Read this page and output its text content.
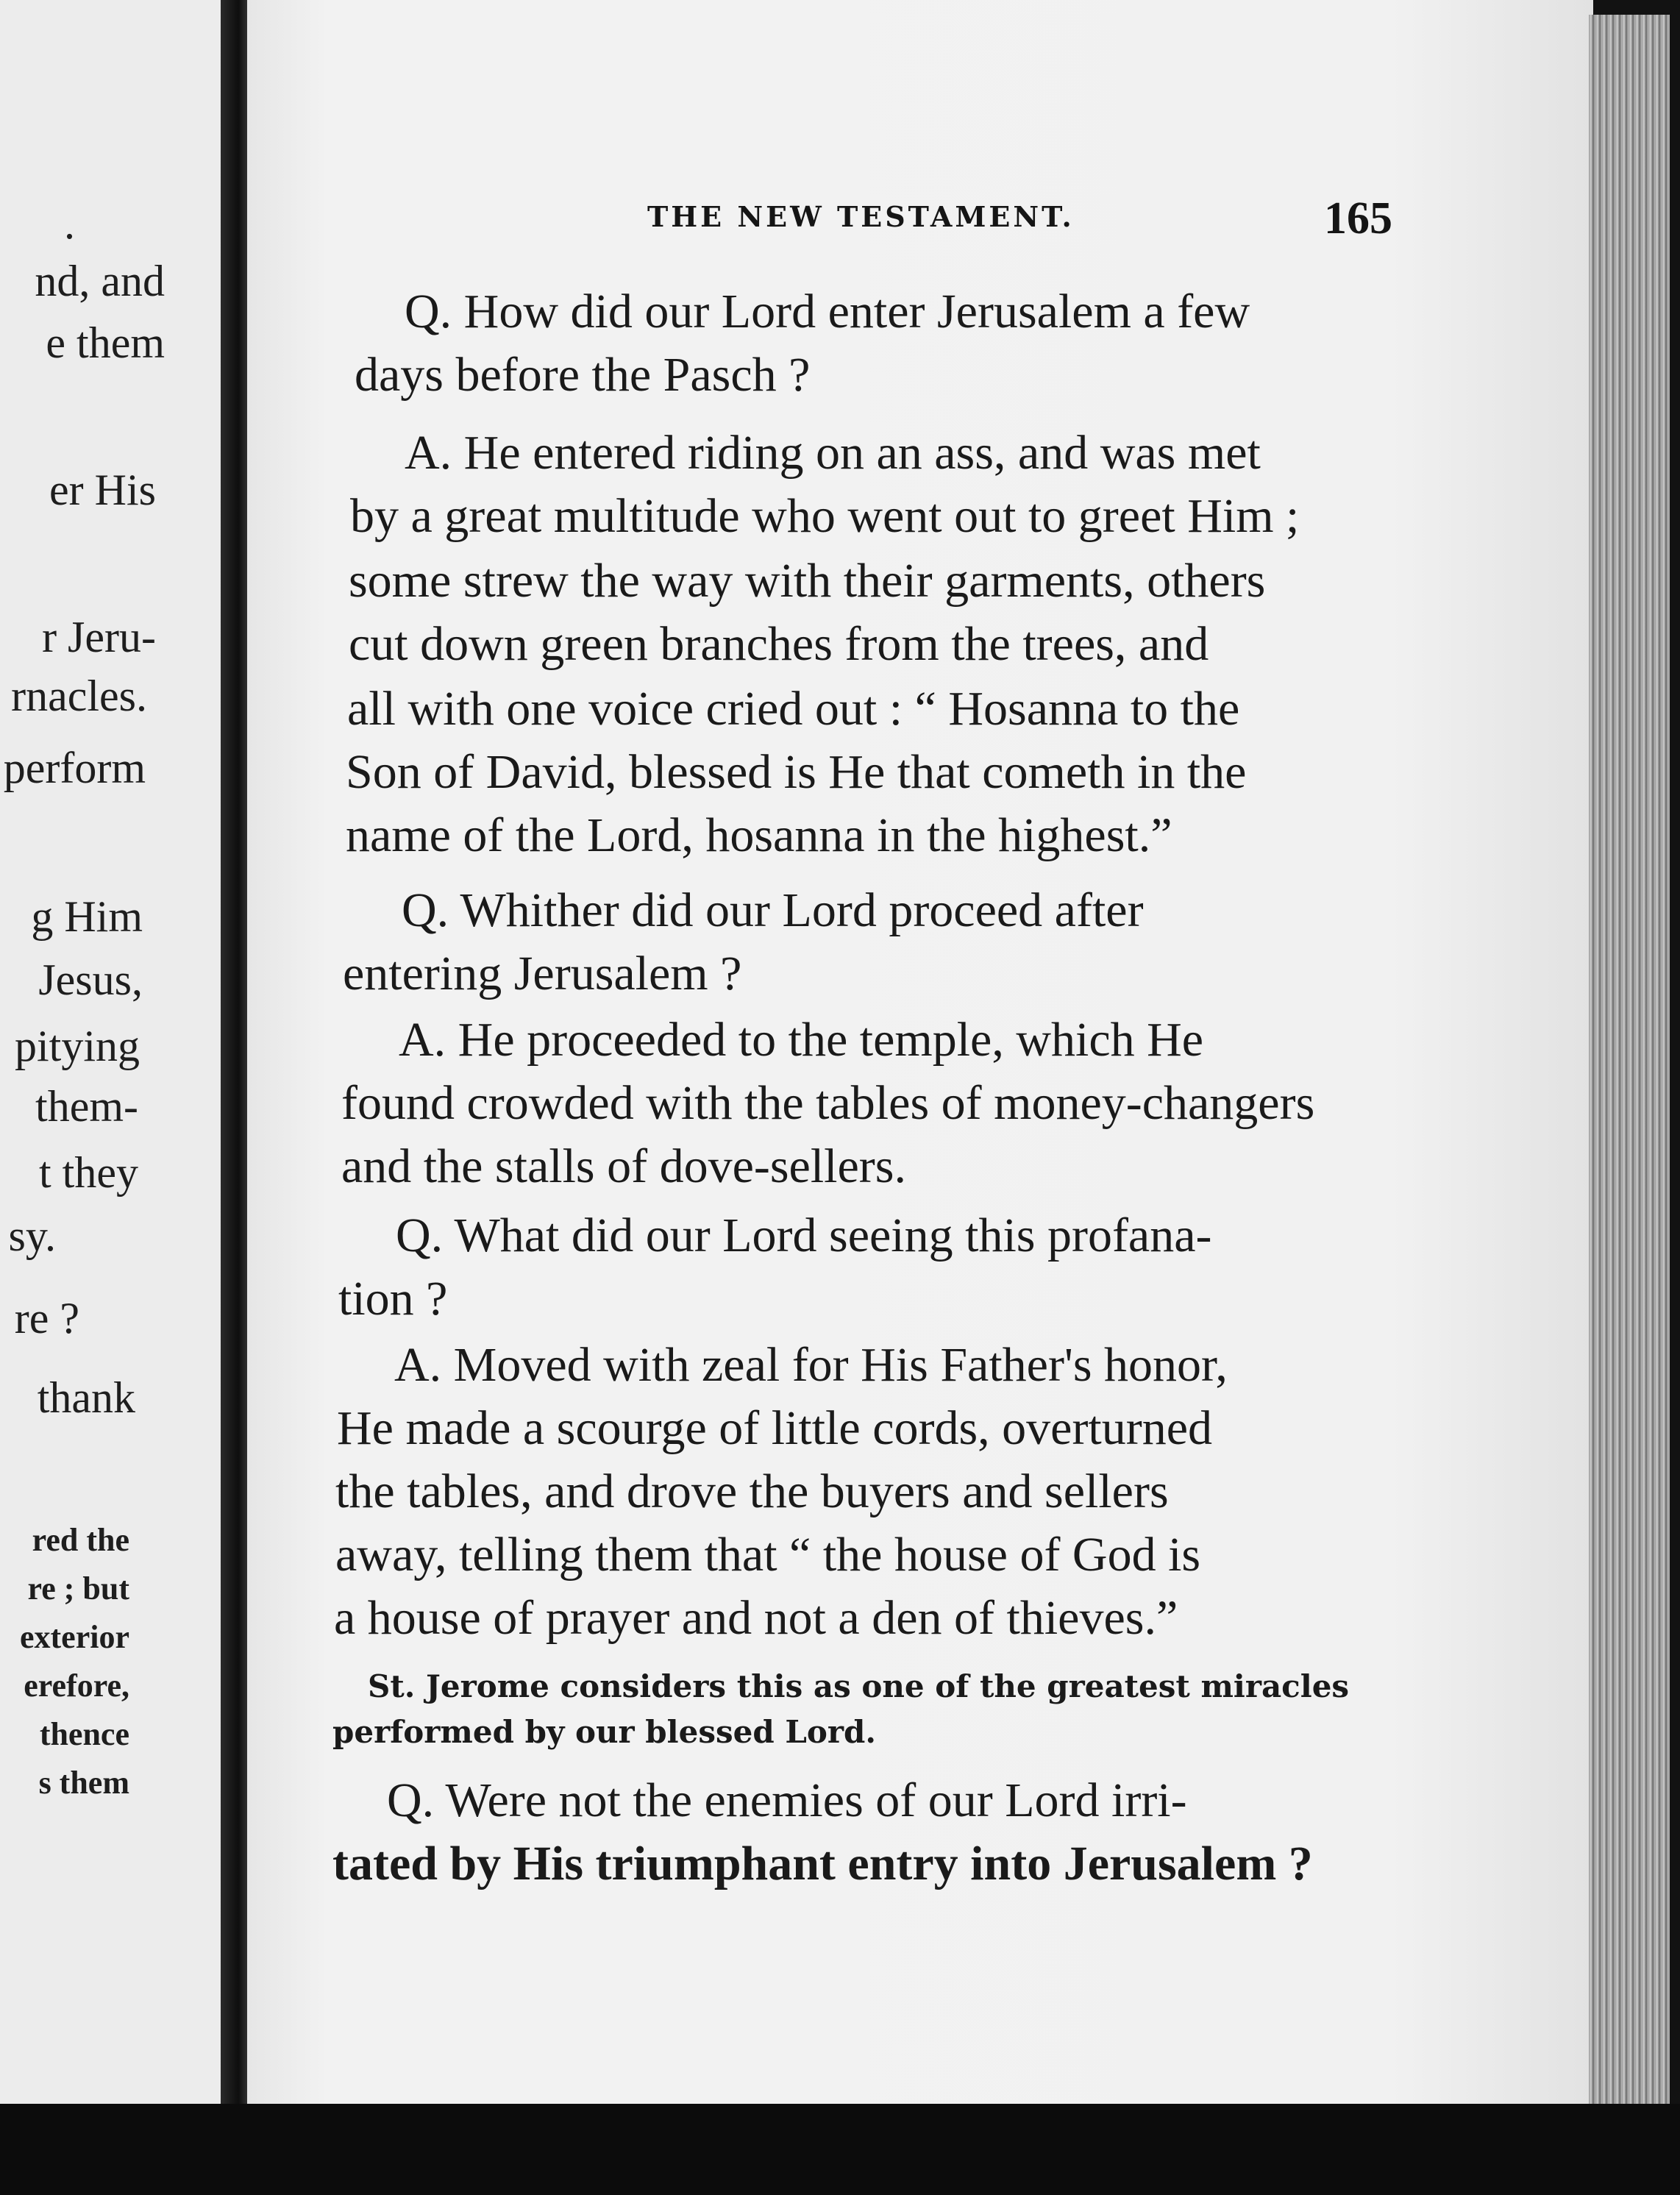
.
nd, and
e them
er His
r Jeru-
rnacles.
perform
g Him
Jesus,
pitying
them-
t they
sy.
re ?
thank
red the
re ; but
exterior
erefore,
thence
s them
THE NEW TESTAMENT.	165
Q. How did our Lord enter Jerusalem a few
days before the Pasch ?
A. He entered riding on an ass, and was met
by a great multitude who went out to greet Him ;
some strew the way with their garments, others
cut down green branches from the trees, and
all with one voice cried out : “ Hosanna to the
Son of David, blessed is He that cometh in the
name of the Lord, hosanna in the highest.”
Q. Whither did our Lord proceed after
entering Jerusalem ?
A. He proceeded to the temple, which He
found crowded with the tables of money-changers
and the stalls of dove-sellers.
Q. What did our Lord seeing this profana-
tion ?
A. Moved with zeal for His Father's honor,
He made a scourge of little cords, overturned
the tables, and drove the buyers and sellers
away, telling them that “ the house of God is
a house of prayer and not a den of thieves.”
St. Jerome considers this as one of the greatest miracles
performed by our blessed Lord.
Q. Were not the enemies of our Lord irri-
tated by His triumphant entry into Jerusalem ?
